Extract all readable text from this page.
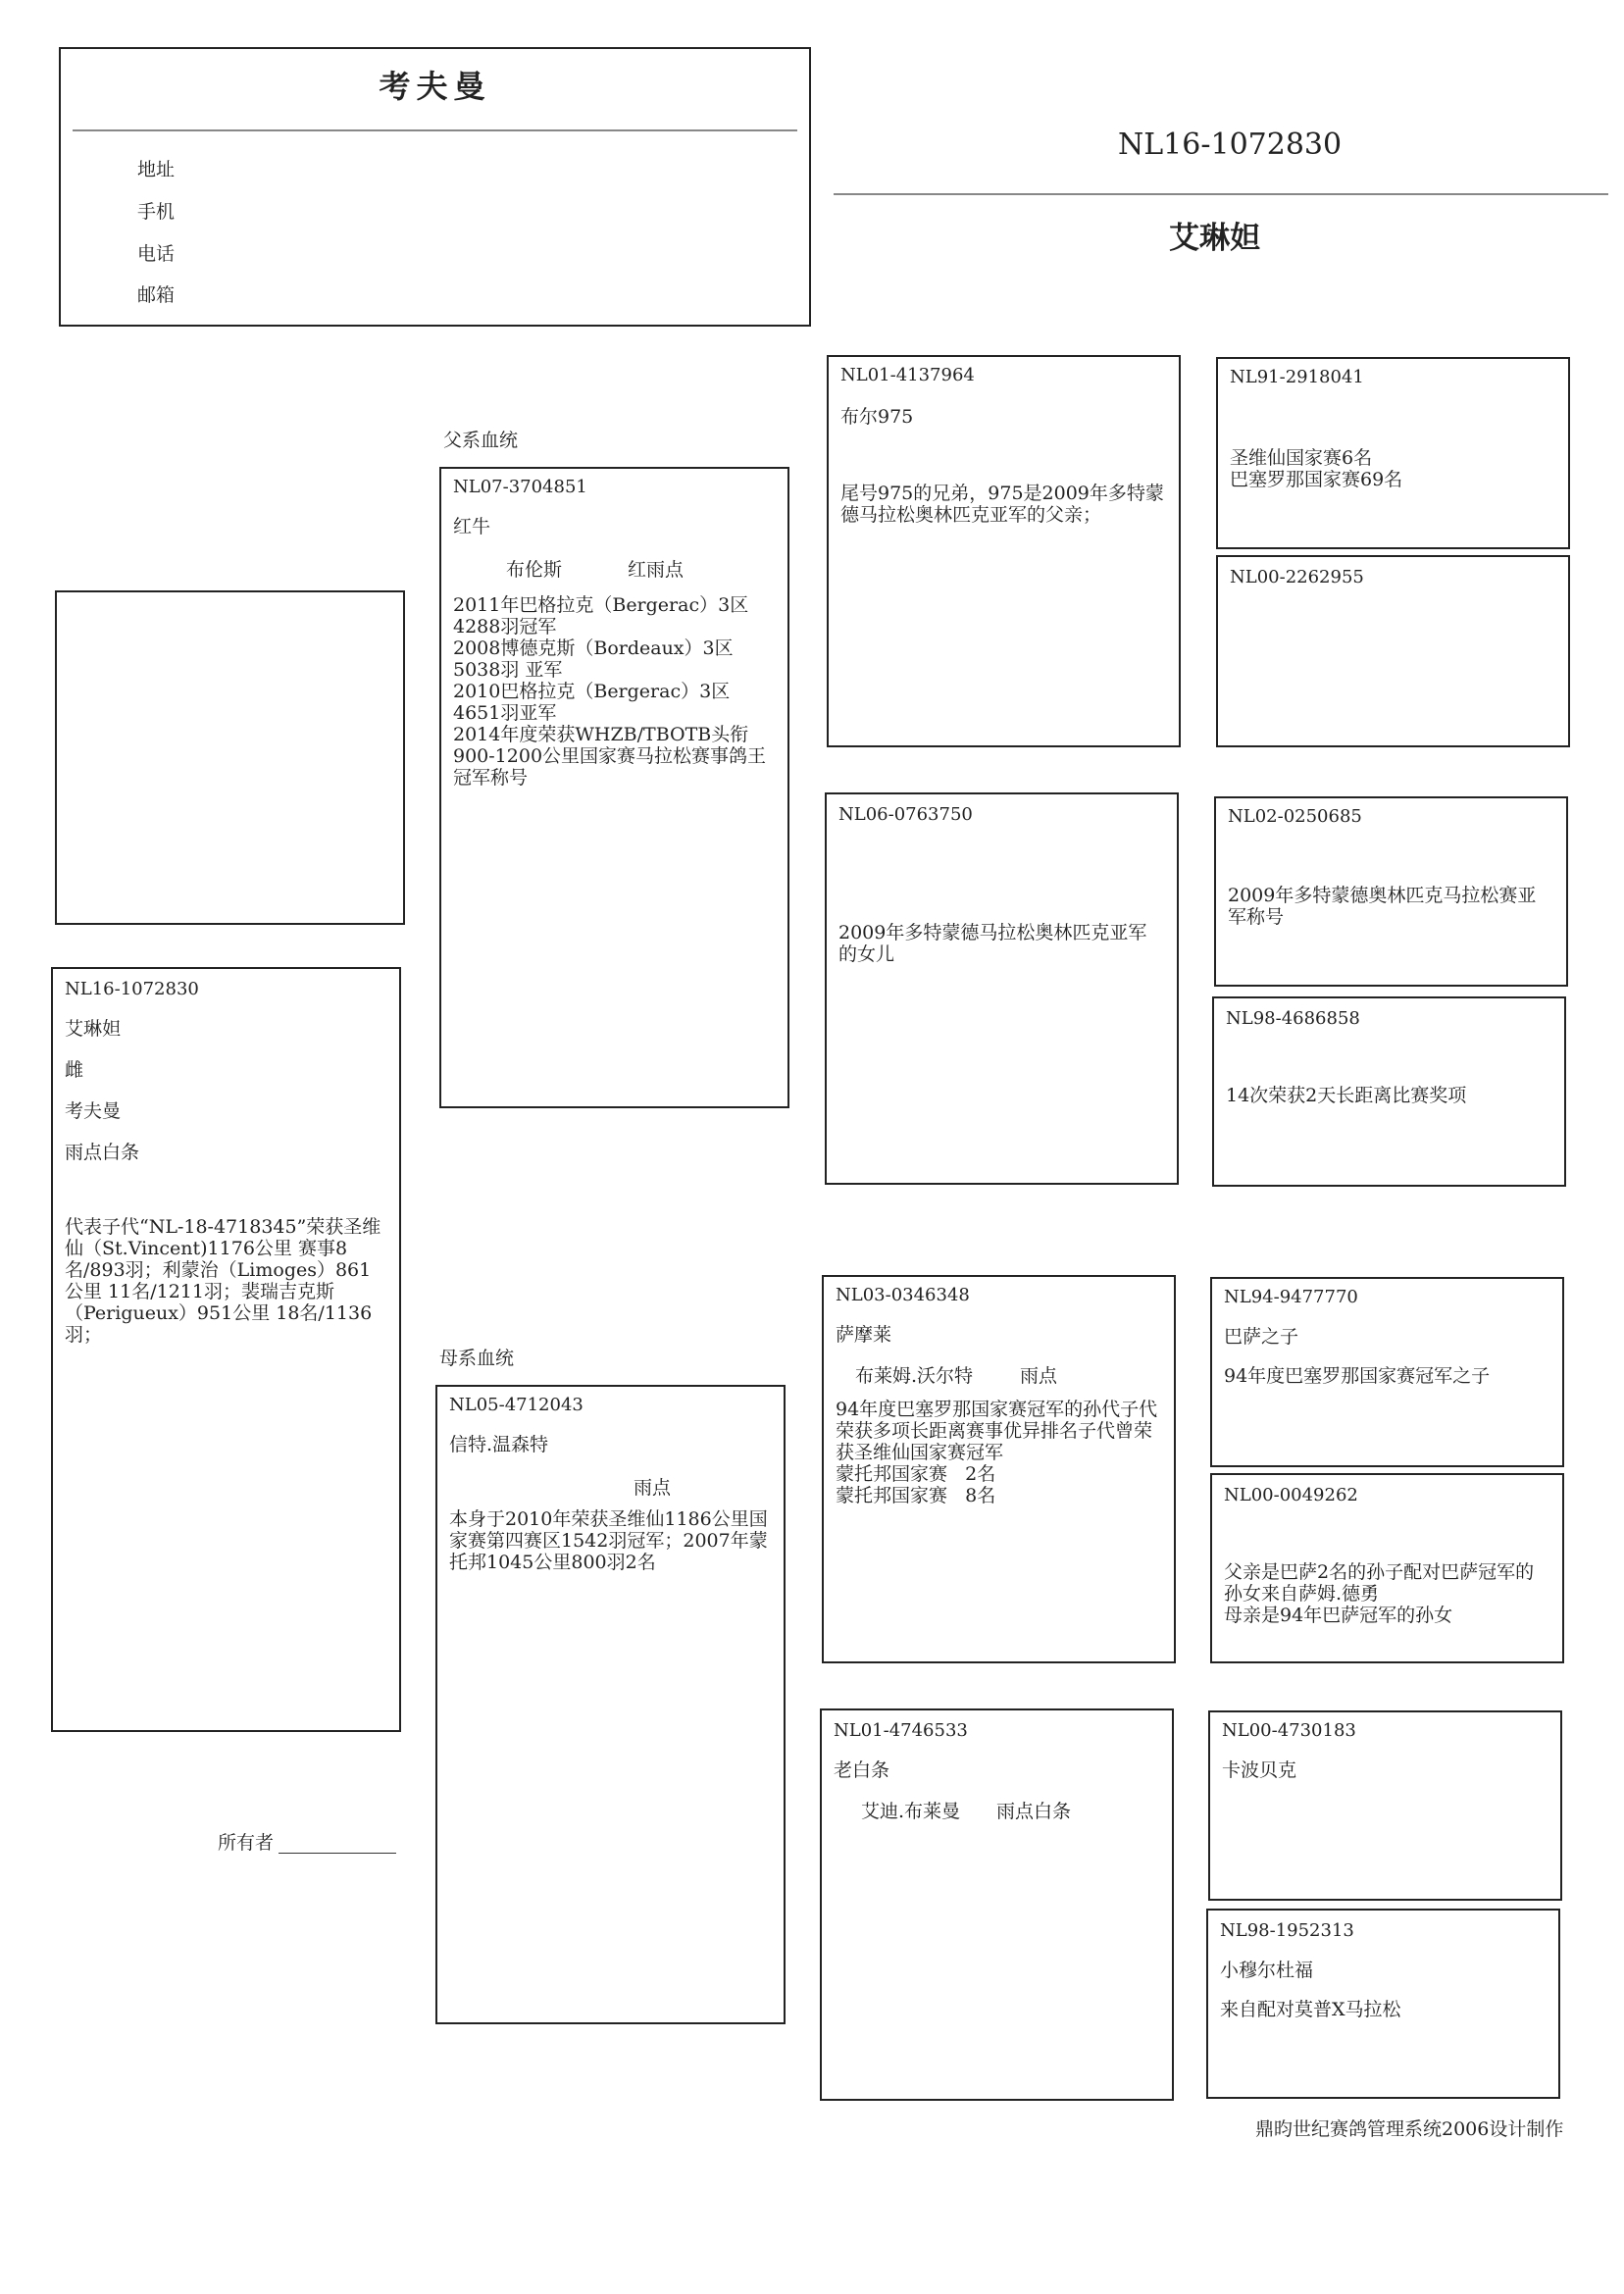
考夫曼
地址
手机
电话
邮箱
NL16-1072830
艾琳妲
NL16-1072830
艾琳妲
雌
考夫曼
雨点白条
代表子代“NL-18-4718345”荣获圣维仙（St.Vincent)1176公里 赛事8名/893羽；利蒙治（Limoges）861公里 11名/1211羽；裴瑞吉克斯（Perigueux）951公里 18名/1136羽；
所有者
父系血统
NL07-3704851
红牛
布伦斯	红雨点
2011年巴格拉克（Bergerac）3区4288羽冠军
2008博德克斯（Bordeaux）3区 5038羽 亚军
2010巴格拉克（Bergerac）3区4651羽亚军
2014年度荣获WHZB/TBOTB头衔900-1200公里国家赛马拉松赛事鸽王冠军称号
母系血统
NL05-4712043
信特.温森特
雨点
本身于2010年荣获圣维仙1186公里国家赛第四赛区1542羽冠军；2007年蒙托邦1045公里800羽2名
NL01-4137964
布尔975
尾号975的兄弟，975是2009年多特蒙德马拉松奥林匹克亚军的父亲；
NL06-0763750
2009年多特蒙德马拉松奥林匹克亚军的女儿
NL03-0346348
萨摩莱
布莱姆.沃尔特	雨点
94年度巴塞罗那国家赛冠军的孙代子代荣获多项长距离赛事优异排名子代曾荣获圣维仙国家赛冠军
蒙托邦国家赛   2名
蒙托邦国家赛   8名
NL01-4746533
老白条
艾迪.布莱曼 雨点白条
NL91-2918041
圣维仙国家赛6名
巴塞罗那国家赛69名
NL00-2262955
NL02-0250685
2009年多特蒙德奥林匹克马拉松赛亚军称号
NL98-4686858
14次荣获2天长距离比赛奖项
NL94-9477770
巴萨之子
94年度巴塞罗那国家赛冠军之子
NL00-0049262
父亲是巴萨2名的孙子配对巴萨冠军的孙女来自萨姆.德勇
母亲是94年巴萨冠军的孙女
NL00-4730183
卡波贝克
NL98-1952313
小穆尔杜福
来自配对莫普X马拉松
鼎昀世纪赛鸽管理系统2006设计制作
